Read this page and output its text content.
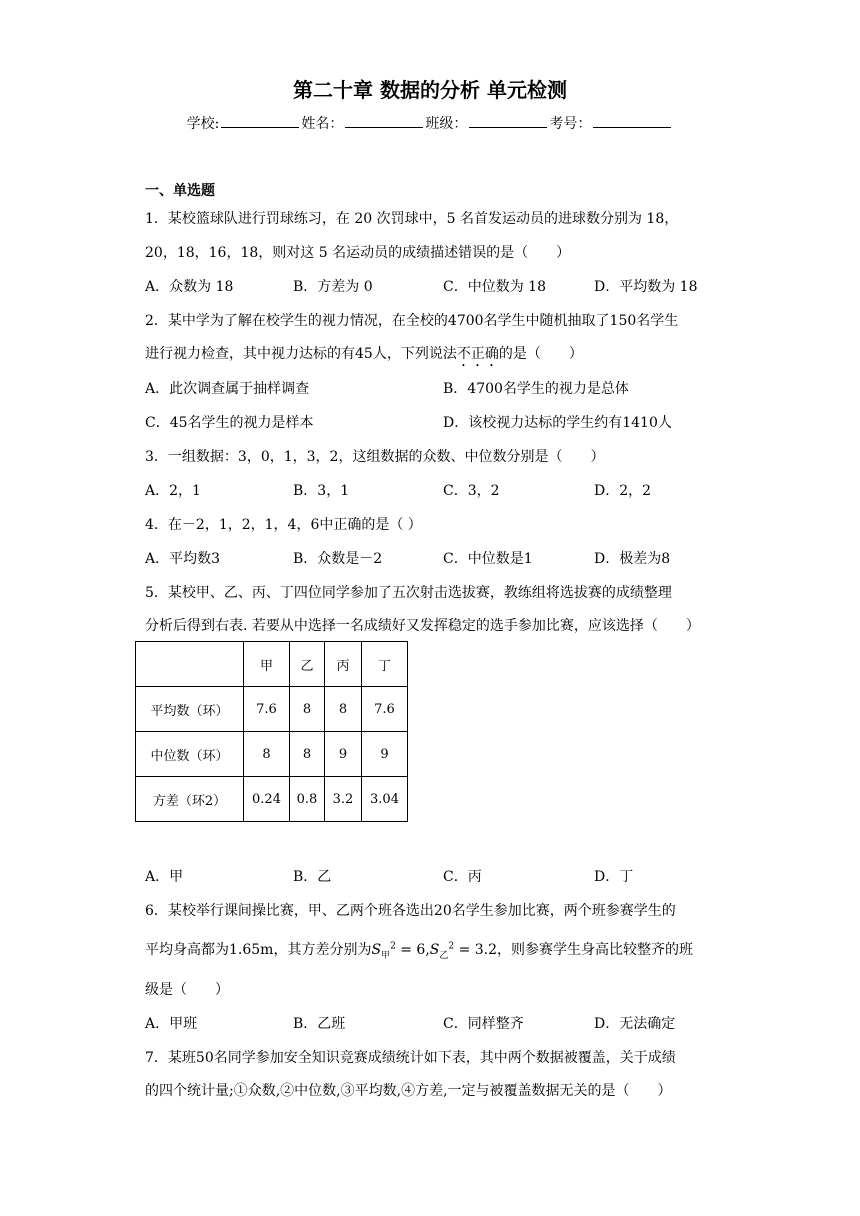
第二十章 数据的分析 单元检测
学校:	姓名：	班级：	考号：
一、单选题
1．某校篮球队进行罚球练习，在 20 次罚球中，5 名首发运动员的进球数分别为 18，
20，18，16，18，则对这 5 名运动员的成绩描述错误的是（　　）
A．众数为 18	B．方差为 0	C．中位数为 18	D．平均数为 18
2．某中学为了解在校学生的视力情况，在全校的4700名学生中随机抽取了150名学生
进行视力检查，其中视力达标的有45人，下列说法不正确的是（　　）
A．此次调查属于抽样调查	B．4700名学生的视力是总体
C．45名学生的视力是样本	D．该校视力达标的学生约有1410人
3．一组数据：3，0，1，3，2，这组数据的众数、中位数分别是（　　）
A．2，1	B．3，1	C．3，2	D．2，2
4．在－2，1，2，1，4，6中正确的是（ ）
A．平均数3	B．众数是－2	C．中位数是1	D．极差为8
5．某校甲、乙、丙、丁四位同学参加了五次射击选拔赛，教练组将选拔赛的成绩整理
分析后得到右表. 若要从中选择一名成绩好又发挥稳定的选手参加比赛，应该选择（　　）
	甲	乙	丙	丁
平均数（环）	7.6	8	8	7.6
中位数（环）	8	8	9	9
方差（环2）	0.24	0.8	3.2	3.04
A．甲	B．乙	C．丙	D．丁
6．某校举行课间操比赛，甲、乙两个班各选出20名学生参加比赛，两个班参赛学生的
平均身高都为1.65m，其方差分别为$S_甲^2 = 6,S_乙^2 = 3.2$，则参赛学生身高比较整齐的班
级是（　　）
A．甲班	B．乙班	C．同样整齐	D．无法确定
7．某班50名同学参加安全知识竞赛成绩统计如下表，其中两个数据被覆盖，关于成绩
的四个统计量;①众数,②中位数,③平均数,④方差,一定与被覆盖数据无关的是（　　）
